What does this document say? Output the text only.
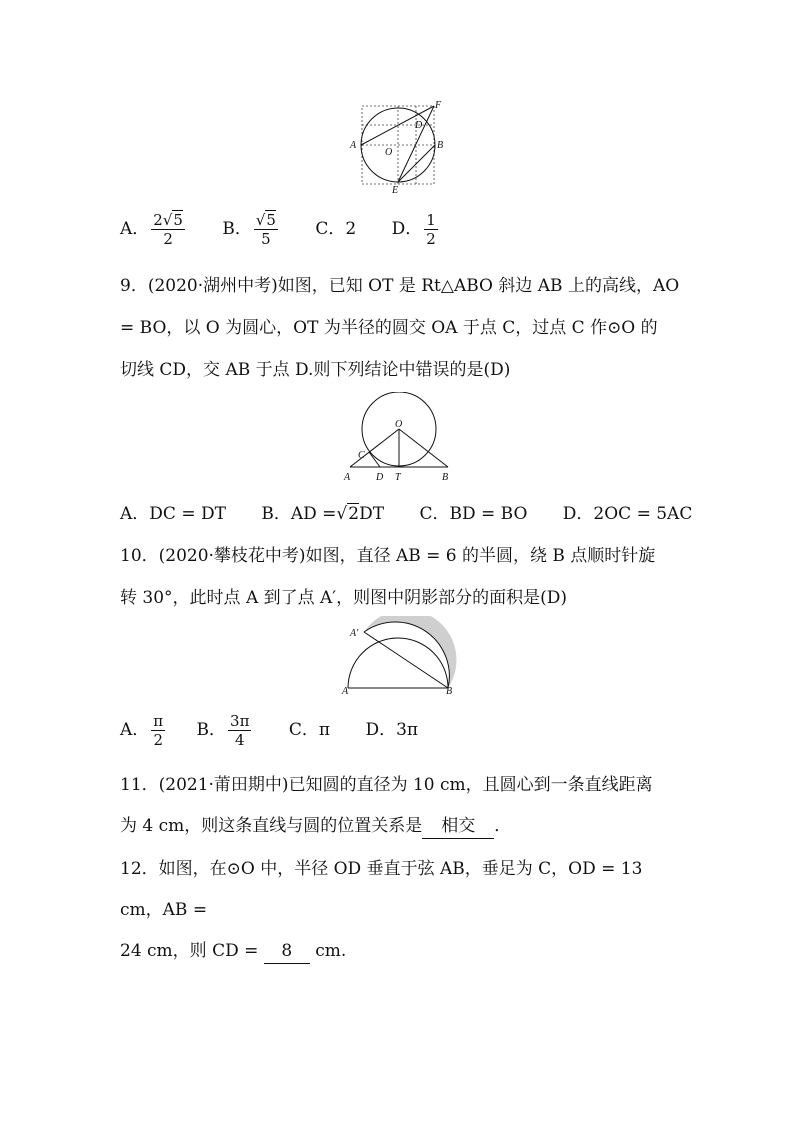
A	B
O
D
E
F
A． $\frac{2√5}{2}$ B． $\frac{√5}{5}$ C．2 D． $\frac{1}{2}$
9．(2020·湖州中考)如图，已知 OT 是 Rt△ABO 斜边 AB 上的高线，AO
= BO，以 O 为圆心，OT 为半径的圆交 OA 于点 C，过点 C 作⊙O 的
切线 CD，交 AB 于点 D.则下列结论中错误的是(D)
O
C
A	D T	B
A．DC = DT B．AD =√2DT C．BD = BO D．2OC = 5AC
10．(2020·攀枝花中考)如图，直径 AB = 6 的半圆，绕 B 点顺时针旋
转 30°，此时点 A 到了点 A′，则图中阴影部分的面积是(D)
A′
A	B
A． $\frac{\pi}{2}$ B． $\frac{3\pi}{4}$ C．π D．3π
11．(2021·莆田期中)已知圆的直径为 10 cm，且圆心到一条直线距离
为 4 cm，则这条直线与圆的位置关系是 相交 ．
12．如图，在⊙O 中，半径 OD 垂直于弦 AB，垂足为 C，OD = 13
cm，AB =
24 cm，则 CD = 8 cm.
